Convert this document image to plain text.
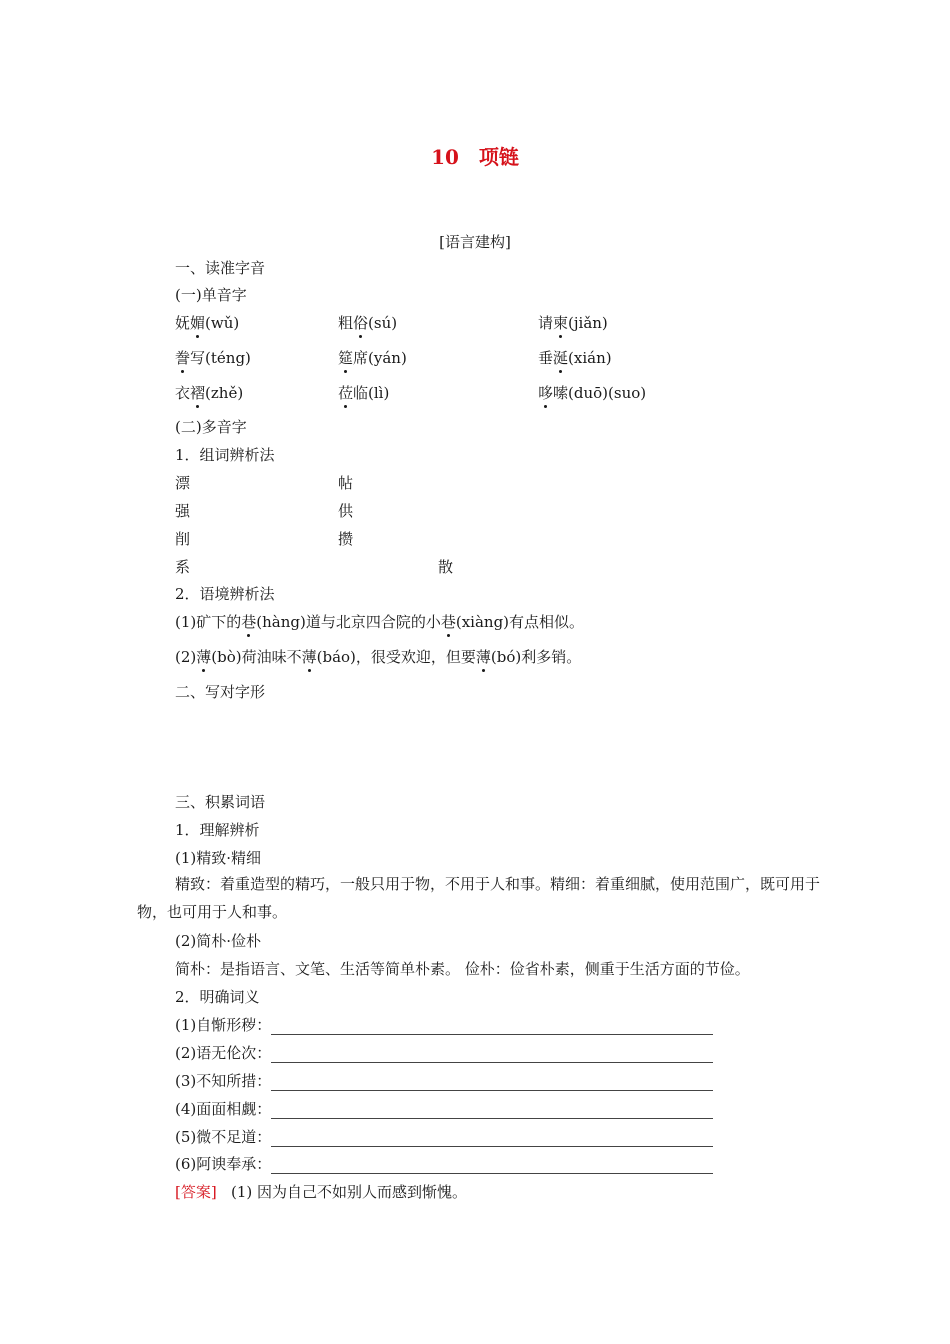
10　项链
[语言建构]
一、读准字音
(一)单音字
妩媚(wǔ)	粗俗(sú)	请柬(jiǎn)
誊写(téng)	筵席(yán)	垂涎(xián)
衣褶(zhě)	莅临(lì)	哆嗦(duō)(suo)
(二)多音字
1．组词辨析法
漂	帖
强	供
削	攒
系	散
2．语境辨析法
(1)矿下的巷(hàng)道与北京四合院的小巷(xiàng)有点相似。
(2)薄(bò)荷油味不薄(báo)，很受欢迎，但要薄(bó)利多销。
二、写对字形
三、积累词语
1．理解辨析
(1)精致·精细
精致：着重造型的精巧，一般只用于物，不用于人和事。精细：着重细腻，使用范围广，既可用于物，也可用于人和事。
(2)简朴·俭朴
简朴：是指语言、文笔、生活等简单朴素。 俭朴：俭省朴素，侧重于生活方面的节俭。
2．明确词义
(1)自惭形秽：
(2)语无伦次：
(3)不知所措：
(4)面面相觑：
(5)微不足道：
(6)阿谀奉承：
[答案] (1) 因为自己不如别人而感到惭愧。
